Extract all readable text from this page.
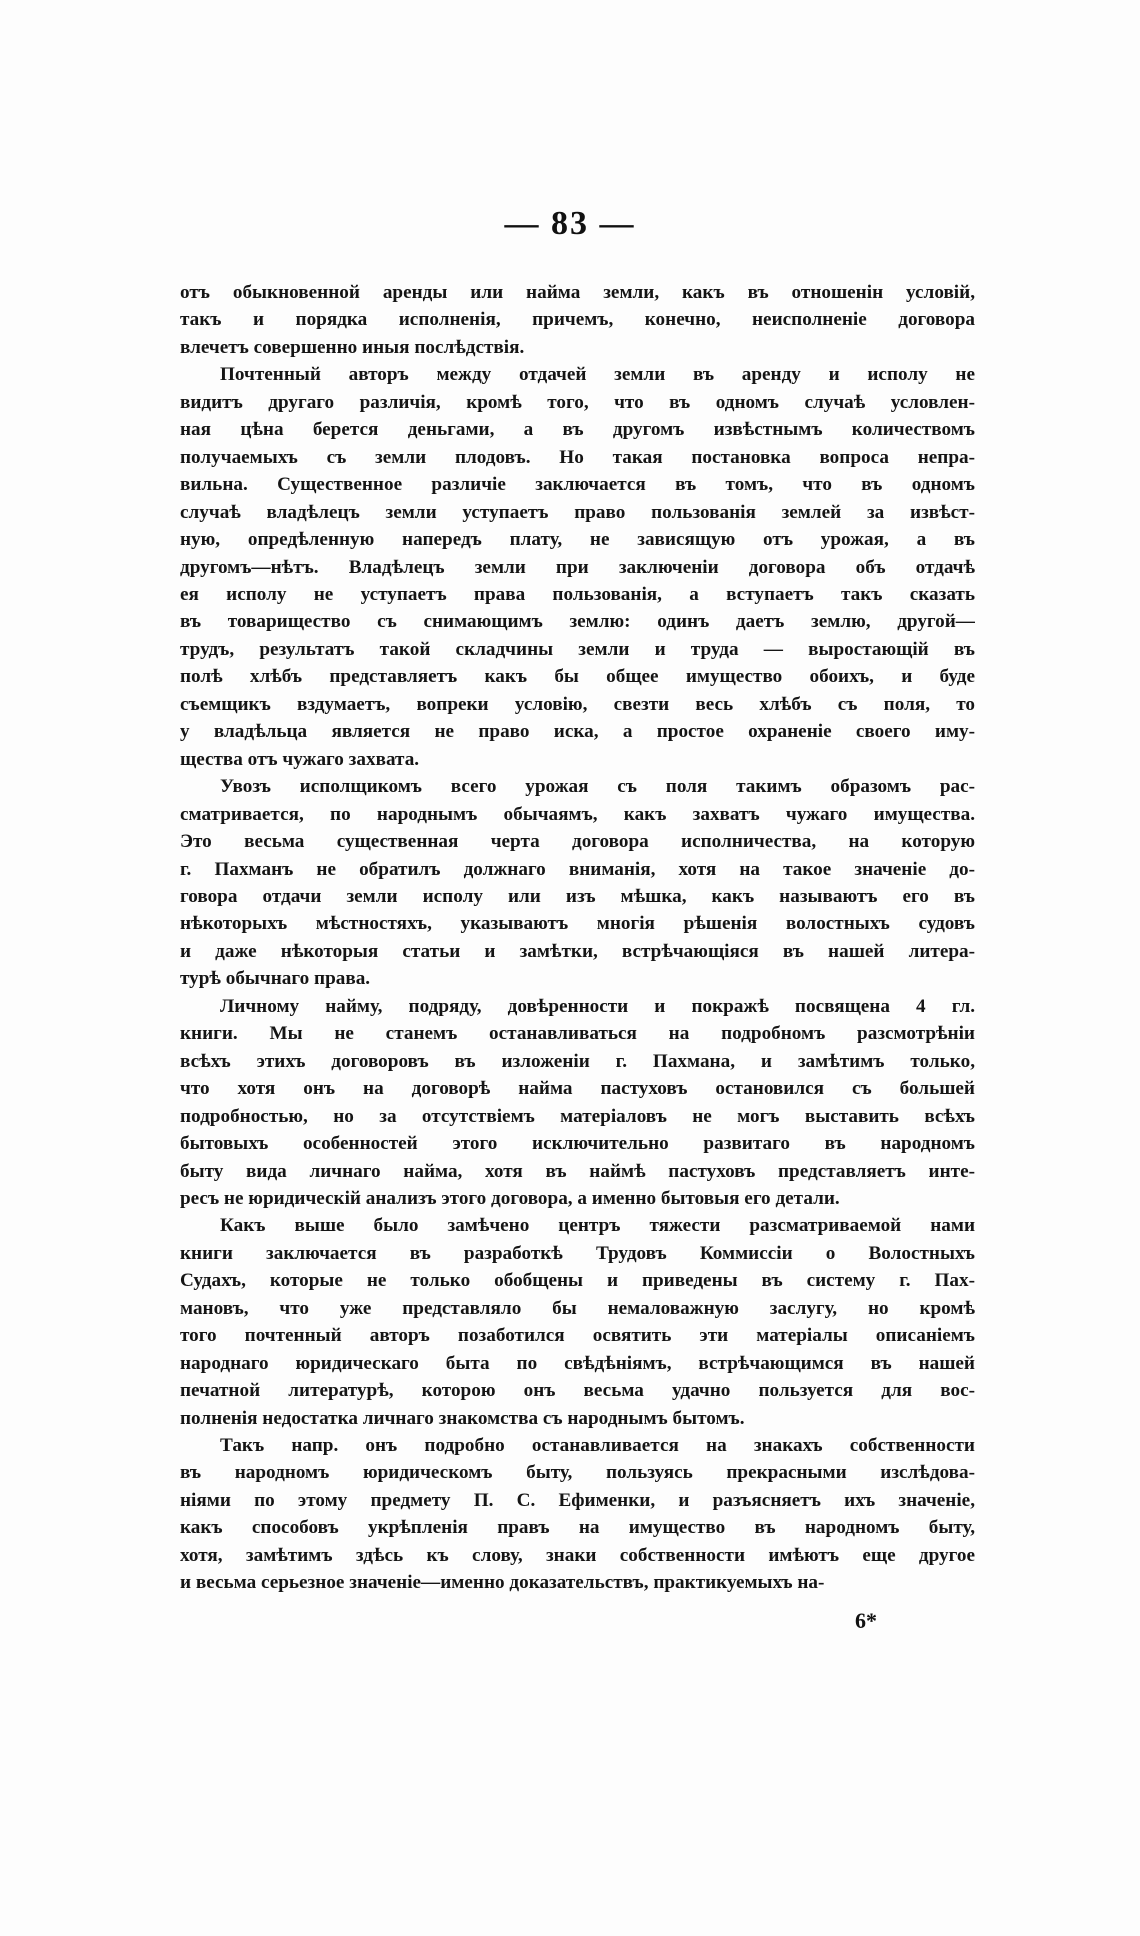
— 83 —
отъ обыкновенной аренды или найма земли, какъ въ отношенін условій,
такъ и порядка исполненія, причемъ, конечно, неисполненіе договора
влечетъ совершенно иныя послѣдствія.
Почтенный авторъ между отдачей земли въ аренду и исполу не
видитъ другаго различія, кромѣ того, что въ одномъ случаѣ условлен-
ная цѣна берется деньгами, а въ другомъ извѣстнымъ количествомъ
получаемыхъ съ земли плодовъ. Но такая постановка вопроса непра-
вильна. Существенное различіе заключается въ томъ, что въ одномъ
случаѣ владѣлецъ земли уступаетъ право пользованія землей за извѣст-
ную, опредѣленную напередъ плату, не зависящую отъ урожая, а въ
другомъ—нѣтъ. Владѣлецъ земли при заключеніи договора объ отдачѣ
ея исполу не уступаетъ права пользованія, а вступаетъ такъ сказать
въ товарищество съ снимающимъ землю: одинъ даетъ землю, другой—
трудъ, результатъ такой складчины земли и труда — выростающій въ
полѣ хлѣбъ представляетъ какъ бы общее имущество обоихъ, и буде
съемщикъ вздумаетъ, вопреки условію, свезти весь хлѣбъ съ поля, то
у владѣльца является не право иска, а простое охраненіе своего иму-
щества отъ чужаго захвата.
Увозъ исполщикомъ всего урожая съ поля такимъ образомъ рас-
сматривается, по народнымъ обычаямъ, какъ захватъ чужаго имущества.
Это весьма существенная черта договора исполничества, на которую
г. Пахманъ не обратилъ должнаго вниманія, хотя на такое значеніе до-
говора отдачи земли исполу или изъ мѣшка, какъ называютъ его въ
нѣкоторыхъ мѣстностяхъ, указываютъ многія рѣшенія волостныхъ судовъ
и даже нѣкоторыя статьи и замѣтки, встрѣчающіяся въ нашей литера-
турѣ обычнаго права.
Личному найму, подряду, довѣренности и покражѣ посвящена 4 гл.
книги. Мы не станемъ останавливаться на подробномъ разсмотрѣніи
всѣхъ этихъ договоровъ въ изложеніи г. Пахмана, и замѣтимъ только,
что хотя онъ на договорѣ найма пастуховъ остановился съ большей
подробностью, но за отсутствіемъ матеріаловъ не могъ выставить всѣхъ
бытовыхъ особенностей этого исключительно развитаго въ народномъ
быту вида личнаго найма, хотя въ наймѣ пастуховъ представляетъ инте-
ресъ не юридическій анализъ этого договора, а именно бытовыя его детали.
Какъ выше было замѣчено центръ тяжести разсматриваемой нами
книги заключается въ разработкѣ Трудовъ Коммиссіи о Волостныхъ
Судахъ, которые не только обобщены и приведены въ систему г. Пах-
мановъ, что уже представляло бы немаловажную заслугу, но кромѣ
того почтенный авторъ позаботился освятить эти матеріалы описаніемъ
народнаго юридическаго быта по свѣдѣніямъ, встрѣчающимся въ нашей
печатной литературѣ, которою онъ весьма удачно пользуется для вос-
полненія недостатка личнаго знакомства съ народнымъ бытомъ.
Такъ напр. онъ подробно останавливается на знакахъ собственности
въ народномъ юридическомъ быту, пользуясь прекрасными изслѣдова-
ніями по этому предмету П. С. Ефименки, и разъясняетъ ихъ значеніе,
какъ способовъ укрѣпленія правъ на имущество въ народномъ быту,
хотя, замѣтимъ здѣсь къ слову, знаки собственности имѣютъ еще другое
и весьма серьезное значеніе—именно доказательствъ, практикуемыхъ на-
6*
